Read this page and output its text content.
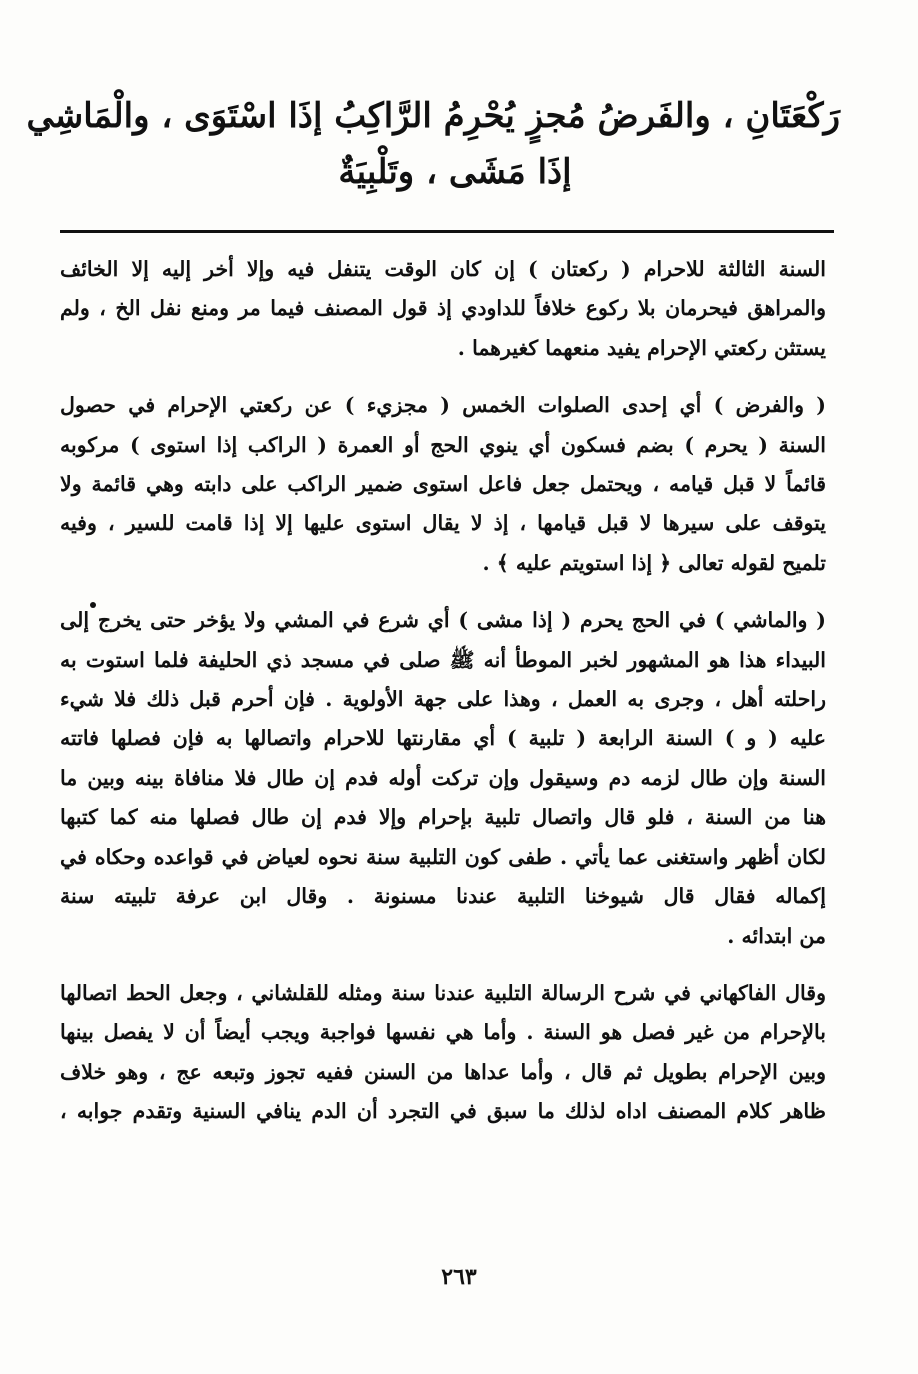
رَكْعَتَانِ ، والفَرضُ مُجزٍ يُحْرِمُ الرَّاكِبُ إذَا اسْتَوَى ، والْمَاشِي
إذَا مَشَى ، وتَلْبِيَةٌ
السنة الثالثة للاحرام ( ركعتان ) إن كان الوقت يتنفل فيه وإلا أخر إليه إلا الخائف
والمراهق فيحرمان بلا ركوع خلافاً للداودي إذ قول المصنف فيما مر ومنع نفل الخ ، ولم
يستثن ركعتي الإحرام يفيد منعهما كغيرهما .
( والفرض ) أي إحدى الصلوات الخمس ( مجزيء ) عن ركعتي الإحرام في حصول
السنة ( يحرم ) بضم فسكون أي ينوي الحج أو العمرة ( الراكب إذا استوى ) مركوبه
قائماً لا قبل قيامه ، ويحتمل جعل فاعل استوى ضمير الراكب على دابته وهي قائمة ولا
يتوقف على سيرها لا قبل قيامها ، إذ لا يقال استوى عليها إلا إذا قامت للسير ، وفيه
تلميح لقوله تعالى ﴿ إذا استويتم عليه ﴾ .
( والماشي ) في الحج يحرم ( إذا مشى ) أي شرع في المشي ولا يؤخر حتى يخرج إلى
البيداء هذا هو المشهور لخبر الموطأ أنه ﷺ صلى في مسجد ذي الحليفة فلما استوت به
راحلته أهل ، وجرى به العمل ، وهذا على جهة الأولوية . فإن أحرم قبل ذلك فلا شيء
عليه ( و ) السنة الرابعة ( تلبية ) أي مقارنتها للاحرام واتصالها به فإن فصلها فاتته
السنة وإن طال لزمه دم وسيقول وإن تركت أوله فدم إن طال فلا منافاة بينه وبين ما
هنا من السنة ، فلو قال واتصال تلبية بإحرام وإلا فدم إن طال فصلها منه كما كتبها
لكان أظهر واستغنى عما يأتي . طفى كون التلبية سنة نحوه لعياض في قواعده وحكاه في
إكماله فقال قال شيوخنا التلبية عندنا مسنونة . وقال ابن عرفة تلبيته سنة
من ابتدائه .
وقال الفاكهاني في شرح الرسالة التلبية عندنا سنة ومثله للقلشاني ، وجعل الحط اتصالها
بالإحرام من غير فصل هو السنة . وأما هي نفسها فواجبة ويجب أيضاً أن لا يفصل بينها
وبين الإحرام بطويل ثم قال ، وأما عداها من السنن ففيه تجوز وتبعه عج ، وهو خلاف
ظاهر كلام المصنف اداه لذلك ما سبق في التجرد أن الدم ينافي السنية وتقدم جوابه ،
٢٦٣
